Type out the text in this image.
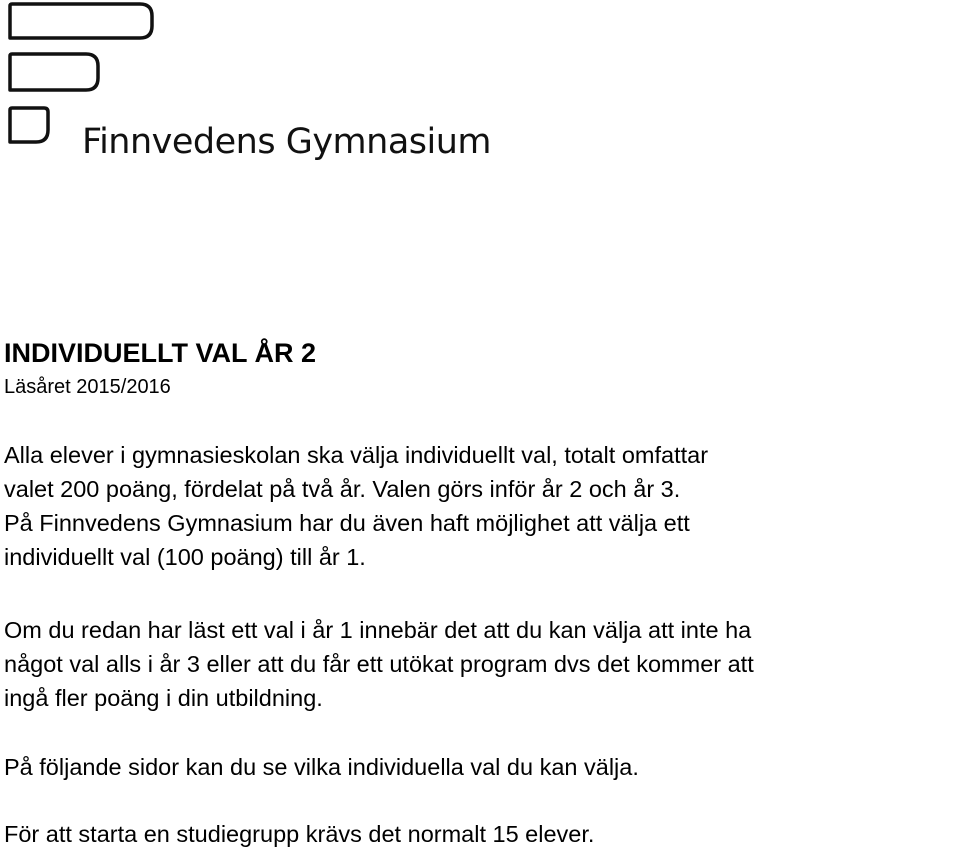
Finnvedens Gymnasium
INDIVIDUELLT VAL ÅR 2
Läsåret 2015/2016

Alla elever i gymnasieskolan ska välja individuellt val, totalt omfattar
valet 200 poäng, fördelat på två år. Valen görs inför år 2 och år 3.
På Finnvedens Gymnasium har du även haft möjlighet att välja ett
individuellt val (100 poäng) till år 1.

Om du redan har läst ett val i år 1 innebär det att du kan välja att inte ha
något val alls i år 3 eller att du får ett utökat program dvs det kommer att
ingå fler poäng i din utbildning.

På följande sidor kan du se vilka individuella val du kan välja.

För att starta en studiegrupp krävs det normalt 15 elever.
